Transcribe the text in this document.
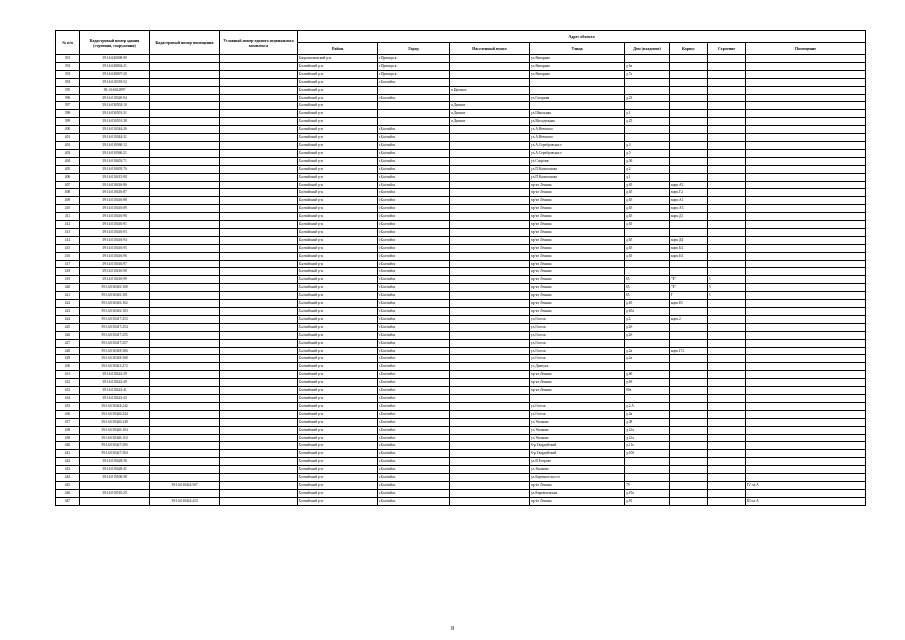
№ п/п	Кадастровый номер здания (строения, сооружения)	Кадастровый номер помещения	Условный номер единого недвижимого комплекса	Адрес объекта							
				Район	Город	Населенный пункт	Улица	Дом (владение)	Корпус	Строение	Помещение
391	39:14:040408:90			Багратионовский р-н	г.Приморск		ул.Янтарная				
392	39:14:040604:21			Балтийский р-н	г.Приморск		ул.Янтарная	д.6а			
393	39:14:040607:20			Балтийский р-н	г.Приморск		ул.Янтарная	д.7а			
394	39:14:010318:52			Балтийский р-н	г.Балтийск						
395	39:14:6162897			Балтийский р-н		п.Цветное					
396	39:14:010320:94			Балтийский р-н	г.Балтийск		ул.Гагарина	д.23			
397	39:14:030502:10			Балтийский р-н		п.Дивное					
398	39:14:030501:31			Балтийский р-н		п.Дивное	ул.Школьная	д.1			
399	39:14:030501:38			Балтийский р-н		п.Дивное	ул.Молодежная	д.25			
400	39:14:010344:26			Балтийский р-н	г.Балтийск		ул.А.Невского				
401	39:14:010344:31			Балтийский р-н	г.Балтийск		ул.А.Невского				
402	39:14:010360:12			Балтийский р-н	г.Балтийск		ул.А.Серебровского	д.3			
403	39:14:010360:21			Балтийский р-н	г.Балтийск		ул.А.Серебровского	д.5			
404	39:14:010403:71			Балтийский р-н	г.Балтийск		ул.Спортив	д.36			
405	39:14:010405:76			Балтийский р-н	г.Балтийск		ул.П.Капитонова	д.2			
406	39:14:010415:00			Балтийский р-н	г.Балтийск		ул.П.Капитонова	д.1			
407	39:14:010416:86			Балтийский р-н	г.Балтийск		пр-кт Ленина	д.65	корп.А2		
408	39:14:010416:87			Балтийский р-н	г.Балтийск		пр-кт Ленина	д.65	корп.Г2		
409	39:14:010416:88			Балтийский р-н	г.Балтийск		пр-кт Ленина	д.65	корп.А1		
410	39:14:010416:89			Балтийский р-н	г.Балтийск		пр-кт Ленина	д.65	корп.А3		
411	39:14:010416:90			Балтийский р-н	г.Балтийск		пр-кт Ленина	д.65	корп.Д1		
412	39:14:010416:91			Балтийский р-н	г.Балтийск		пр-кт Ленина	д.65			
413	39:14:010416:93			Балтийский р-н	г.Балтийск		пр-кт Ленина				
414	39:14:010416:94			Балтийский р-н	г.Балтийск		пр-кт Ленина	д.65	корп.Д4		
415	39:14:010416:95			Балтийский р-н	г.Балтийск		пр-кт Ленина	д.65	корп.Б4		
416	39:14:010416:96			Балтийский р-н	г.Балтийск		пр-кт Ленина	д.65	корп.Е4		
417	39:14:010416:97			Балтийский р-н	г.Балтийск		пр-кт Ленина				
418	39:14:010416:98			Балтийский р-н	г.Балтийск		пр-кт Ленина				
419	39:14:010416:99			Балтийский р-н	г.Балтийск		пр-кт Ленина	65	"Е"	1	
420	39:14:010416:100			Балтийский р-н	г.Балтийск		пр-кт Ленина	65	"Е"	3	
421	39:14:010416:101			Балтийский р-н	г.Балтийск		пр-кт Ленина	65	Г	1	
422	39:14:010416:102			Балтийский р-н	г.Балтийск		пр-кт Ленина	д.65	корп.Е5		
423	39:14:010416:103			Балтийский р-н	г.Балтийск		пр-кт Ленина	д.65а			
424	39:14:010417:253			Балтийский р-н	г.Балтийск		ул.Гоголя	д.2	корп.2		
425	39:14:010417:254			Балтийский р-н	г.Балтийск		ул.Гоголя	д.2б			
426	39:14:010417:255			Балтийский р-н	г.Балтийск		ул.Гоголя	д.2б			
427	39:14:010417:257			Балтийский р-н	г.Балтийск		ул.Гоголя				
428	39:14:010418:366			Балтийский р-н	г.Балтийск		ул.Гоголя	д.2а	корп.Г11		
429	39:14:010418:368			Балтийский р-н	г.Балтийск		ул.Гоголя	д.2а			
430	39:14:010421:272			Балтийский р-н	г.Балтийск		ул.Днепука				
431	39:14:010422:39			Балтийский р-н	г.Балтийск		пр-кт Ленина	д.66			
432	39:14:010422:40			Балтийский р-н	г.Балтийск		пр-кт Ленина	д.69			
433	39:14:010422:41			Балтийский р-н	г.Балтийск		пр-кт Ленина	69а			
434	39:14:010423:43			Балтийский р-н	г.Балтийск						
435	39:14:010424:242			Балтийский р-н	г.Балтийск		ул.Гоголя	д.2.А			
436	39:14:010426:244			Балтийский р-н	г.Балтийск		ул.Гоголя	д.2в			
437	39:14:010426:249			Балтийский р-н	г.Балтийск		ул.Ушакова	д.38			
438	39:14:010426:104			Балтийский р-н	г.Балтийск		ул.Ушакова	д.21а			
439	39:14:010426:110			Балтийский р-н	г.Балтийск		ул.Ушакова	д.21а			
440	39:14:010427:303			Балтийский р-н	г.Балтийск		б-р Гвардейский	д.11а			
441	39:14:010427:304			Балтийский р-н	г.Балтийск		б-р Гвардейский	д.10б			
442	39:14:010428:36			Балтийский р-н	г.Балтийск		ул.В.Егорова				
443	39:14:010428:41			Балтийский р-н	г.Балтийск		ул.Ушакова				
444	39:14:010506:38			Балтийский р-н	г.Балтийск		ул.Барочное шоссе				
445		39:14:010424:567		Балтийский р-н	г.Балтийск		пр-кт Ленина	79			IV пл.А
446	39:14:010510:25			Балтийский р-н	г.Балтийск		ул.Кирпиченская	д.19а			
447		39:14:010424:423		Балтийский р-н	г.Балтийск		пр-кт Ленина	д.81			III пл.А
8
